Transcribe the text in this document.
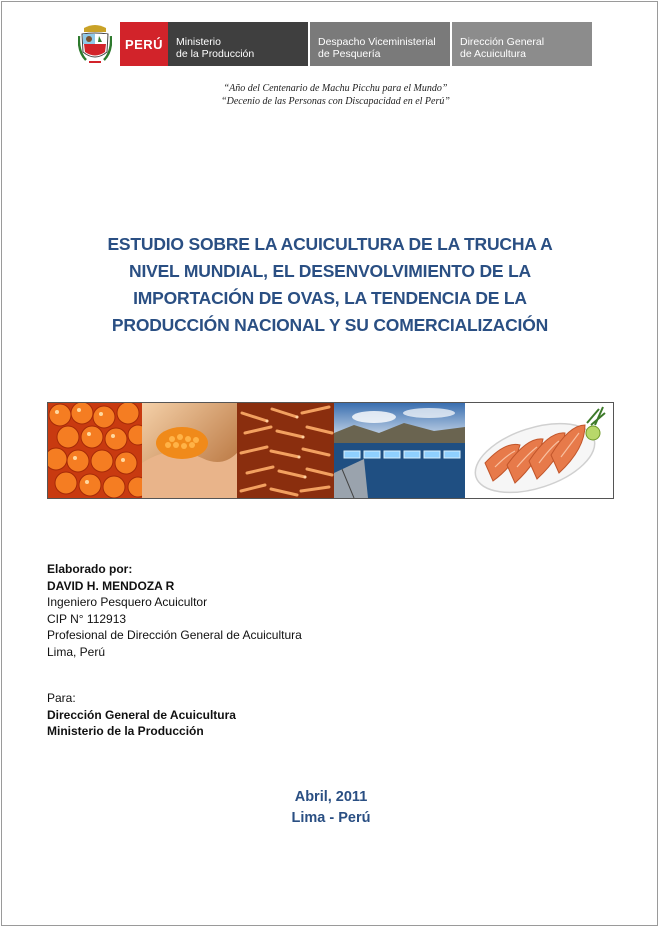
PERÚ	Ministerio
de la Producción
Despacho Viceministerial
de Pesquería
Dirección General
de Acuicultura
“Año del Centenario de Machu Picchu para el Mundo”
“Decenio de las Personas con Discapacidad en el Perú”
ESTUDIO SOBRE LA ACUICULTURA DE LA TRUCHA A
NIVEL MUNDIAL, EL DESENVOLVIMIENTO DE LA
IMPORTACIÓN DE OVAS, LA TENDENCIA DE LA
PRODUCCIÓN NACIONAL Y SU COMERCIALIZACIÓN
Elaborado por:
DAVID H. MENDOZA R
Ingeniero Pesquero Acuicultor
CIP N° 112913
Profesional de Dirección General de Acuicultura
Lima, Perú
Para:
Dirección General de Acuicultura
Ministerio de la Producción
Abril, 2011
Lima - Perú
